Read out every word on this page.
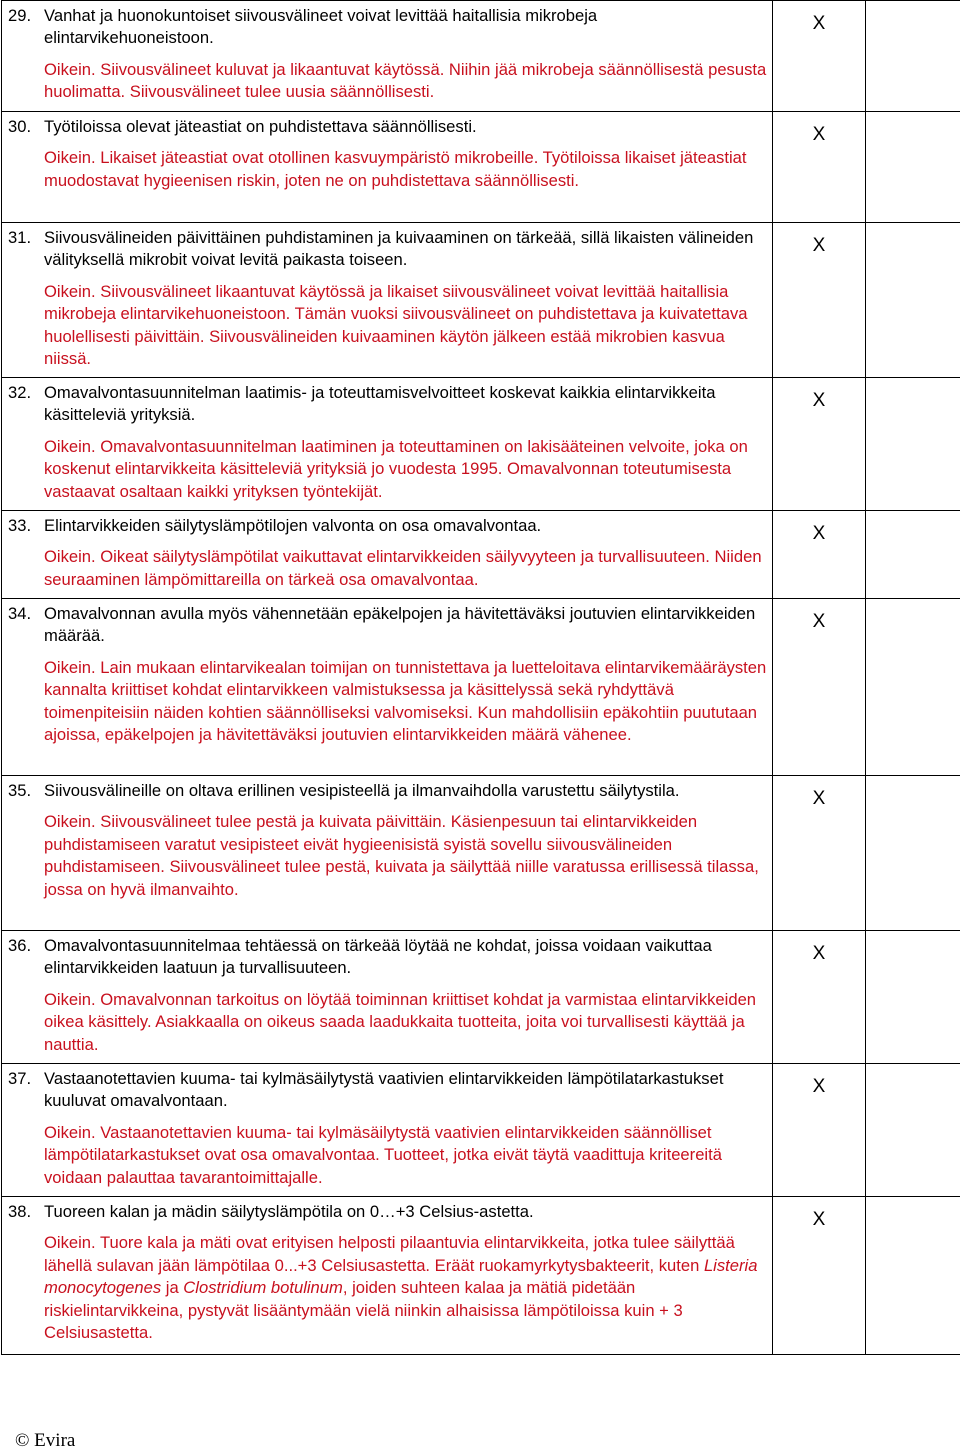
29. Vanhat ja huonokuntoiset siivousvälineet voivat levittää haitallisia mikrobeja elintarvikehuoneistoon.
Oikein. Siivousvälineet kuluvat ja likaantuvat käytössä. Niihin jää mikrobeja säännöllisestä pesusta huolimatta. Siivousvälineet tulee uusia säännöllisesti.	X	

30. Työtiloissa olevat jäteastiat on puhdistettava säännöllisesti.
Oikein. Likaiset jäteastiat ovat otollinen kasvuympäristö mikrobeille. Työtiloissa likaiset jäteastiat muodostavat hygieenisen riskin, joten ne on puhdistettava säännöllisesti.	X	

31. Siivousvälineiden päivittäinen puhdistaminen ja kuivaaminen on tärkeää, sillä likaisten välineiden välityksellä mikrobit voivat levitä paikasta toiseen.
Oikein. Siivousvälineet likaantuvat käytössä ja likaiset siivousvälineet voivat levittää haitallisia mikrobeja elintarvikehuoneistoon. Tämän vuoksi siivousvälineet on puhdistettava ja kuivatettava huolellisesti päivittäin. Siivousvälineiden kuivaaminen käytön jälkeen estää mikrobien kasvua niissä.	X	

32. Omavalvontasuunnitelman laatimis- ja toteuttamisvelvoitteet koskevat kaikkia elintarvikkeita käsitteleviä yrityksiä.
Oikein. Omavalvontasuunnitelman laatiminen ja toteuttaminen on lakisääteinen velvoite, joka on koskenut elintarvikkeita käsitteleviä yrityksiä jo vuodesta 1995. Omavalvonnan toteutumisesta vastaavat osaltaan kaikki yrityksen työntekijät.	X	

33. Elintarvikkeiden säilytyslämpötilojen valvonta on osa omavalvontaa.
Oikein. Oikeat säilytyslämpötilat vaikuttavat elintarvikkeiden säilyvyyteen ja turvallisuuteen. Niiden seuraaminen lämpömittareilla on tärkeä osa omavalvontaa.	X	

34. Omavalvonnan avulla myös vähennetään epäkelpojen ja hävitettäväksi joutuvien elintarvikkeiden määrää.
Oikein. Lain mukaan elintarvikealan toimijan on tunnistettava ja luetteloitava elintarvikemääräysten kannalta kriittiset kohdat elintarvikkeen valmistuksessa ja käsittelyssä sekä ryhdyttävä toimenpiteisiin näiden kohtien säännölliseksi valvomiseksi. Kun mahdollisiin epäkohtiin puututaan ajoissa, epäkelpojen ja hävitettäväksi joutuvien elintarvikkeiden määrä vähenee.	X	

35. Siivousvälineille on oltava erillinen vesipisteellä ja ilmanvaihdolla varustettu säilytystila.
Oikein. Siivousvälineet tulee pestä ja kuivata päivittäin. Käsienpesuun tai elintarvikkeiden puhdistamiseen varatut vesipisteet eivät hygieenisistä syistä sovellu siivousvälineiden puhdistamiseen. Siivousvälineet tulee pestä, kuivata ja säilyttää niille varatussa erillisessä tilassa, jossa on hyvä ilmanvaihto.	X	

36. Omavalvontasuunnitelmaa tehtäessä on tärkeää löytää ne kohdat, joissa voidaan vaikuttaa elintarvikkeiden laatuun ja turvallisuuteen.
Oikein. Omavalvonnan tarkoitus on löytää toiminnan kriittiset kohdat ja varmistaa elintarvikkeiden oikea käsittely. Asiakkaalla on oikeus saada laadukkaita tuotteita, joita voi turvallisesti käyttää ja nauttia.	X	

37. Vastaanotettavien kuuma- tai kylmäsäilytystä vaativien elintarvikkeiden lämpötilatarkastukset kuuluvat omavalvontaan.
Oikein. Vastaanotettavien kuuma- tai kylmäsäilytystä vaativien elintarvikkeiden säännölliset lämpötilatarkastukset ovat osa omavalvontaa. Tuotteet, jotka eivät täytä vaadittuja kriteereitä voidaan palauttaa tavarantoimittajalle.	X	

38. Tuoreen kalan ja mädin säilytyslämpötila on 0…+3 Celsius-astetta.
Oikein. Tuore kala ja mäti ovat erityisen helposti pilaantuvia elintarvikkeita, jotka tulee säilyttää lähellä sulavan jään lämpötilaa 0...+3 Celsiusastetta. Eräät ruokamyrkytysbakteerit, kuten Listeria monocytogenes ja Clostridium botulinum, joiden suhteen kalaa ja mätiä pidetään riskielintarvikkeina, pystyvät lisääntymään vielä niinkin alhaisissa lämpötiloissa kuin + 3 Celsiusastetta.	X	
© Evira
